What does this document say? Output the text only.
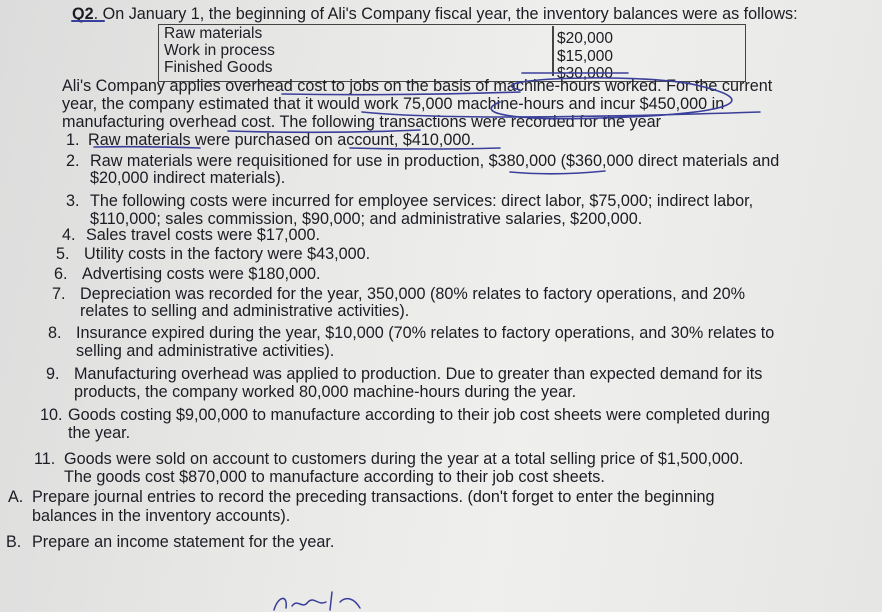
Q2. On January 1, the beginning of Ali's Company fiscal year, the inventory balances were as follows:
Raw materials
Work in process
Finished Goods
$20,000
$15,000
$30,000
Ali's Company applies overhead cost to jobs on the basis of machine-hours worked. For the current
year, the company estimated that it would work 75,000 machine-hours and incur $450,000 in
manufacturing overhead cost. The following transactions were recorded for the year
1. Raw materials were purchased on account, $410,000.
2. Raw materials were requisitioned for use in production, $380,000 ($360,000 direct materials and
$20,000 indirect materials).
3. The following costs were incurred for employee services: direct labor, $75,000; indirect labor,
$110,000; sales commission, $90,000; and administrative salaries, $200,000.
4. Sales travel costs were $17,000.
5. Utility costs in the factory were $43,000.
6. Advertising costs were $180,000.
7. Depreciation was recorded for the year, 350,000 (80% relates to factory operations, and 20%
relates to selling and administrative activities).
8. Insurance expired during the year, $10,000 (70% relates to factory operations, and 30% relates to
selling and administrative activities).
9. Manufacturing overhead was applied to production. Due to greater than expected demand for its
products, the company worked 80,000 machine-hours during the year.
10. Goods costing $9,00,000 to manufacture according to their job cost sheets were completed during
the year.
11. Goods were sold on account to customers during the year at a total selling price of $1,500,000.
The goods cost $870,000 to manufacture according to their job cost sheets.
A. Prepare journal entries to record the preceding transactions. (don't forget to enter the beginning
balances in the inventory accounts).
B. Prepare an income statement for the year.
